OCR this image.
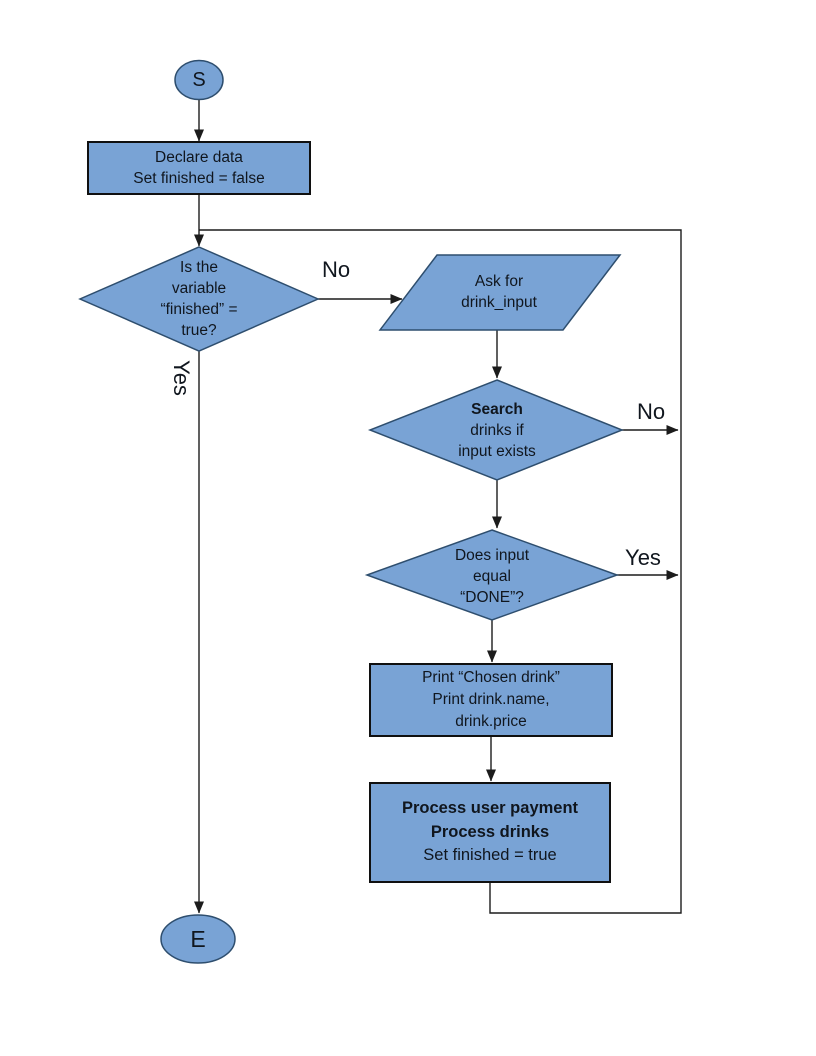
S
Declare data
Set finished = false
Is the
variable
“finished” =
true?
Ask for
drink_input
Search
drinks if
input exists
Does input
equal
“DONE”?
Print “Chosen drink”
Print drink.name,
drink.price
Process user payment
Process drinks
Set finished = true
E
No
Yes
No
Yes
